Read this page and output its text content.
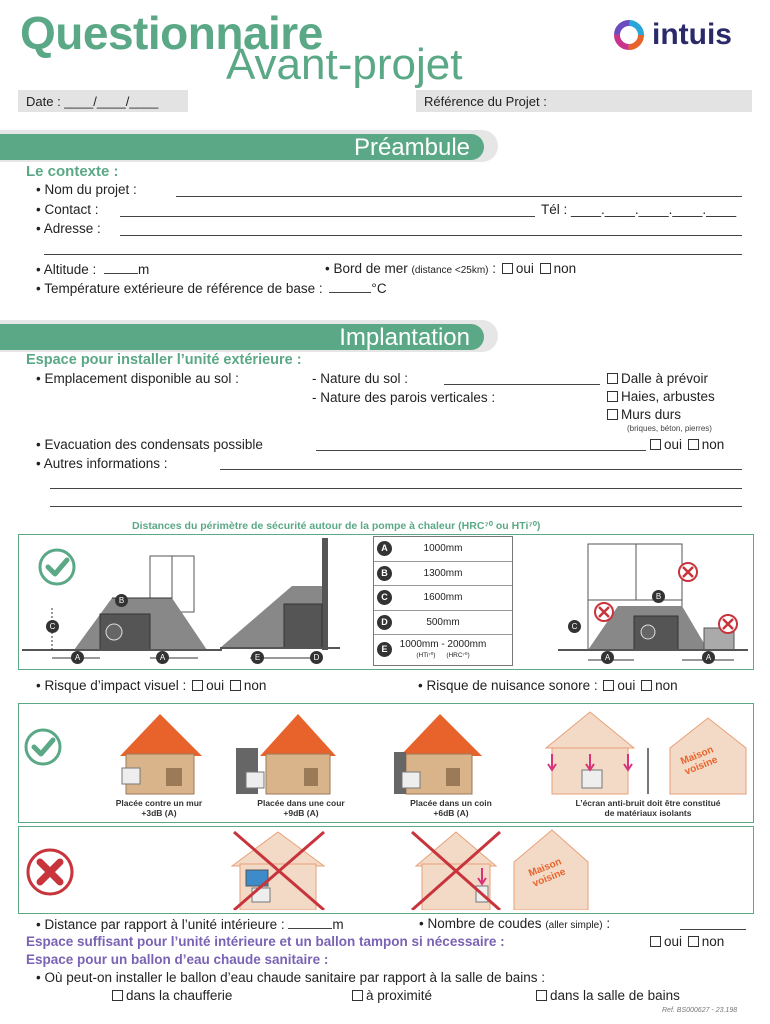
Questionnaire
Avant-projet
intuis
Date : ____/____/____	Référence du Projet :
Préambule
Le contexte :
• Nom du projet :
• Contact :	Tél : ____.____.____.____.____
• Adresse :
• Altitude :	m	• Bord de mer (distance <25km) : oui non
• Température extérieure de référence de base :	°C
Implantation
Espace pour installer l’unité extérieure :
• Emplacement disponible au sol :	- Nature du sol :
- Nature des parois verticales :
Dalle à prévoir
Haies, arbustes
Murs durs
(briques, béton, pierres)
• Evacuation des condensats possible	oui non
• Autres informations :
Distances du périmètre de sécurité autour de la pompe à chaleur (HRC⁷⁰ ou HTi⁷⁰)
B
C
A	A	E	D
A	1000mm
B	1300mm
C	1600mm
D	500mm
E	1000mm - 2000mm
(HTi⁷⁰) (HRC⁷⁰)
B
C
A	A
• Risque d’impact visuel : oui non	• Risque de nuisance sonore : oui non
Maison
voisine
Placée contre un mur
+3dB (A)
Placée dans une cour
+9dB (A)
Placée dans un coin
+6dB (A)
L’écran anti-bruit doit être constitué
de matériaux isolants
Maison
voisine
• Distance par rapport à l’unité intérieure :	m	• Nombre de coudes (aller simple) :
Espace suffisant pour l’unité intérieure et un ballon tampon si nécessaire :	oui non
Espace pour un ballon d’eau chaude sanitaire :
• Où peut-on installer le ballon d’eau chaude sanitaire par rapport à la salle de bains :
dans la chaufferie	à proximité	dans la salle de bains
Ref. BS000627 - 23.198
